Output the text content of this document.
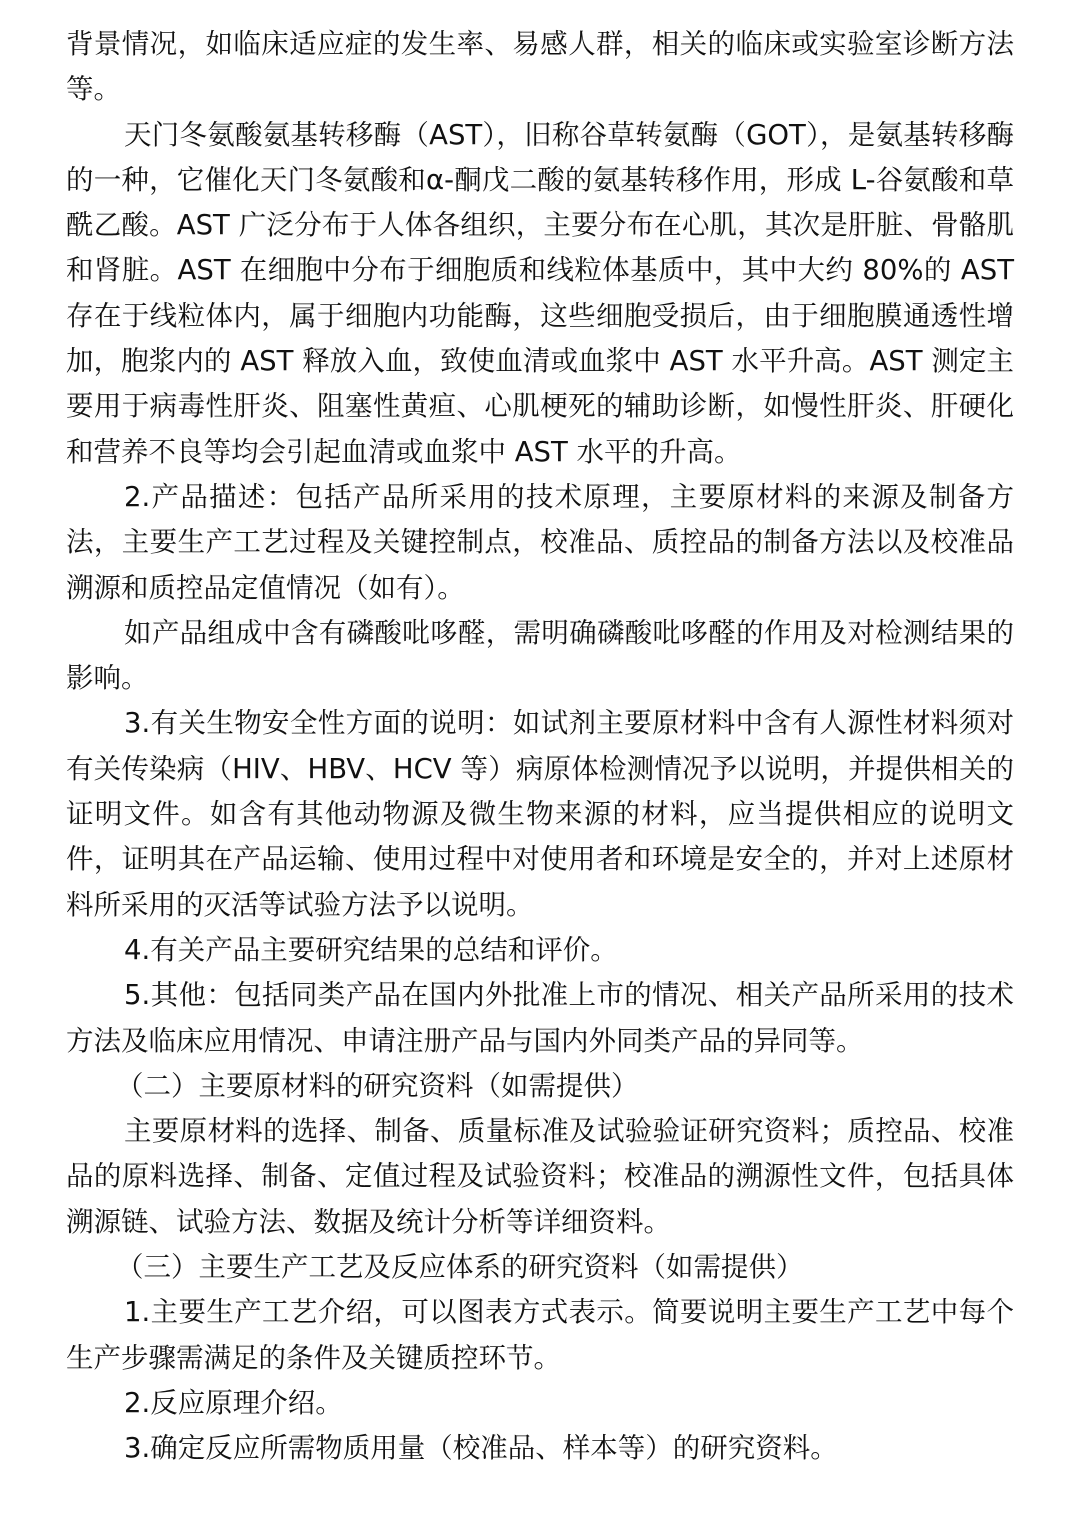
背景情况，如临床适应症的发生率、易感人群，相关的临床或实验室诊断方法等。

天门冬氨酸氨基转移酶（AST），旧称谷草转氨酶（GOT），是氨基转移酶的一种，它催化天门冬氨酸和α-酮戊二酸的氨基转移作用，形成 L-谷氨酸和草酰乙酸。AST 广泛分布于人体各组织，主要分布在心肌，其次是肝脏、骨骼肌和肾脏。AST 在细胞中分布于细胞质和线粒体基质中，其中大约 80%的 AST 存在于线粒体内，属于细胞内功能酶，这些细胞受损后，由于细胞膜通透性增加，胞浆内的 AST 释放入血，致使血清或血浆中 AST 水平升高。AST 测定主要用于病毒性肝炎、阻塞性黄疸、心肌梗死的辅助诊断，如慢性肝炎、肝硬化和营养不良等均会引起血清或血浆中 AST 水平的升高。

2.产品描述：包括产品所采用的技术原理，主要原材料的来源及制备方法，主要生产工艺过程及关键控制点，校准品、质控品的制备方法以及校准品溯源和质控品定值情况（如有）。

如产品组成中含有磷酸吡哆醛，需明确磷酸吡哆醛的作用及对检测结果的影响。

3.有关生物安全性方面的说明：如试剂主要原材料中含有人源性材料须对有关传染病（HIV、HBV、HCV 等）病原体检测情况予以说明，并提供相关的证明文件。如含有其他动物源及微生物来源的材料，应当提供相应的说明文件，证明其在产品运输、使用过程中对使用者和环境是安全的，并对上述原材料所采用的灭活等试验方法予以说明。

4.有关产品主要研究结果的总结和评价。

5.其他：包括同类产品在国内外批准上市的情况、相关产品所采用的技术方法及临床应用情况、申请注册产品与国内外同类产品的异同等。

（二）主要原材料的研究资料（如需提供）

主要原材料的选择、制备、质量标准及试验验证研究资料；质控品、校准品的原料选择、制备、定值过程及试验资料；校准品的溯源性文件，包括具体溯源链、试验方法、数据及统计分析等详细资料。

（三）主要生产工艺及反应体系的研究资料（如需提供）

1.主要生产工艺介绍，可以图表方式表示。简要说明主要生产工艺中每个生产步骤需满足的条件及关键质控环节。

2.反应原理介绍。

3.确定反应所需物质用量（校准品、样本等）的研究资料。
